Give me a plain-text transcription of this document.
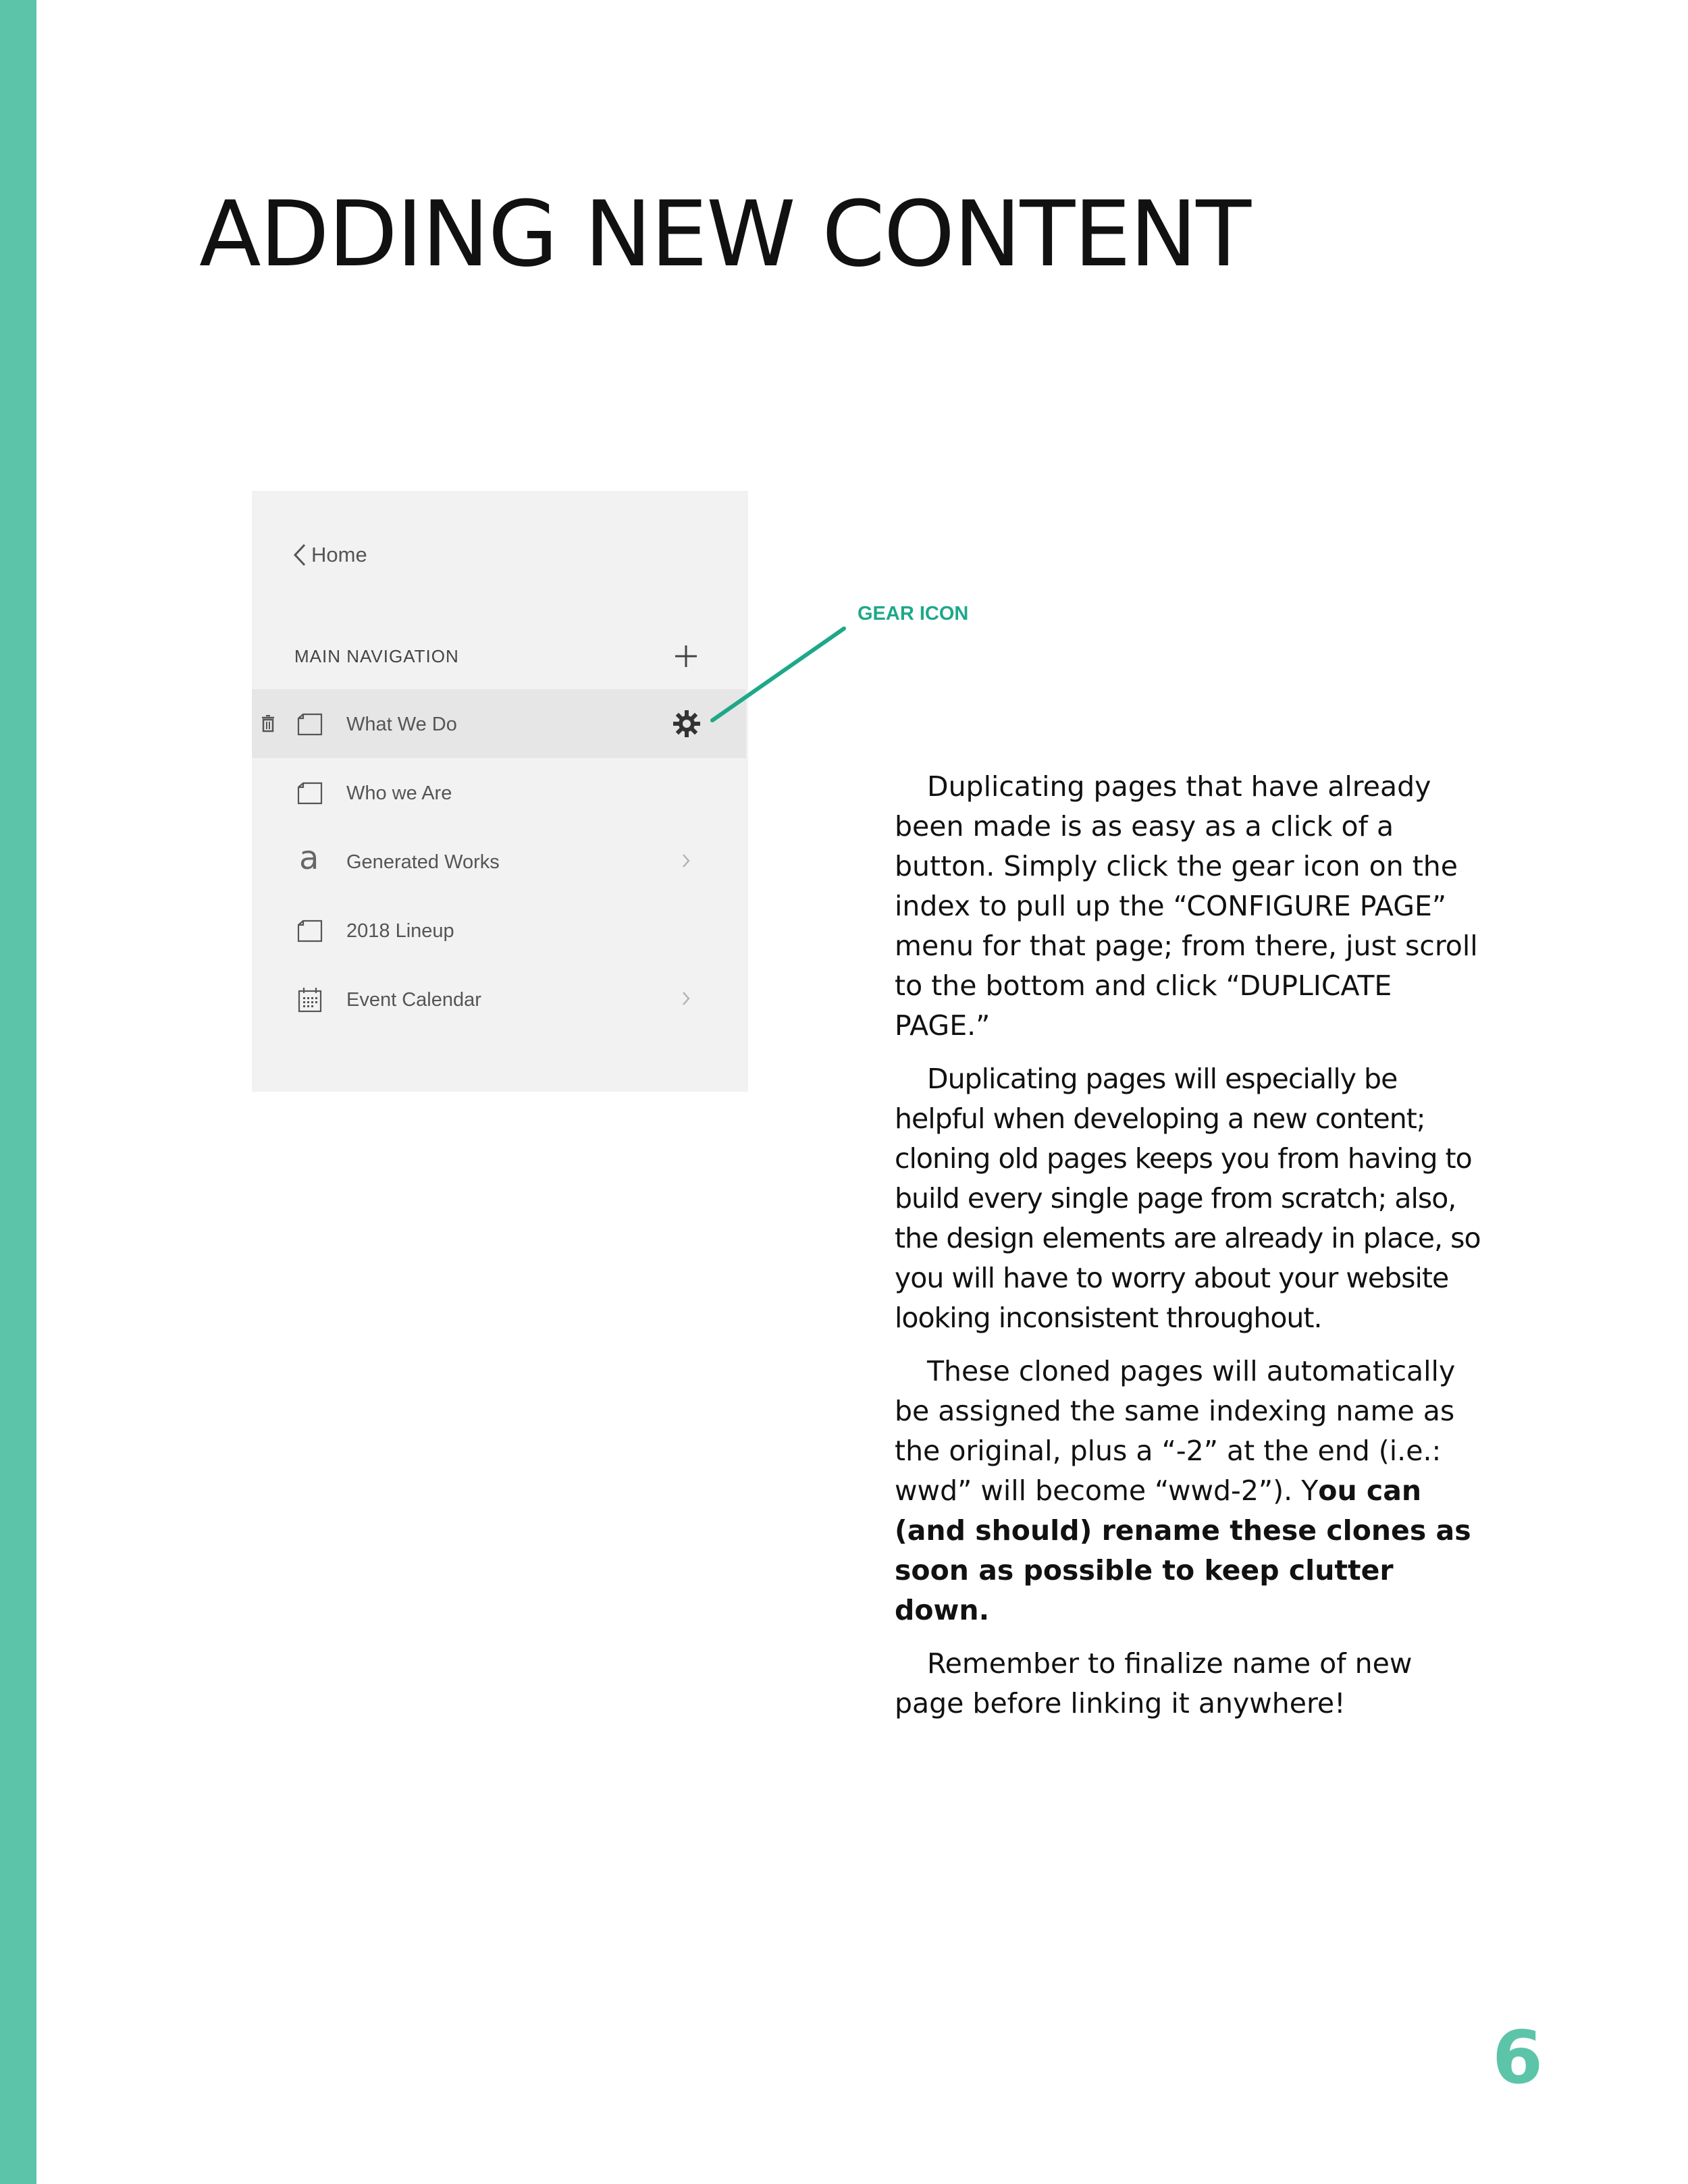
ADDING NEW CONTENT
Home
MAIN NAVIGATION
What We Do
Who we Are
a Generated Works
2018 Lineup
Event Calendar
GEAR ICON

Duplicating pages that have already been made is as easy as a click of a button. Simply click the gear icon on the index to pull up the “CONFIGURE PAGE” menu for that page; from there, just scroll to the bottom and click “DUPLICATE PAGE.”

Duplicating pages will especially be helpful when developing a new content; cloning old pages keeps you from having to build every single page from scratch; also, the design elements are already in place, so you will have to worry about your website looking inconsistent throughout.

These cloned pages will automatically be assigned the same indexing name as the original, plus a “-2” at the end (i.e.: wwd” will become “wwd-2”). You can (and should) rename these clones as soon as possible to keep clutter down.

Remember to finalize name of new page before linking it anywhere!

6
